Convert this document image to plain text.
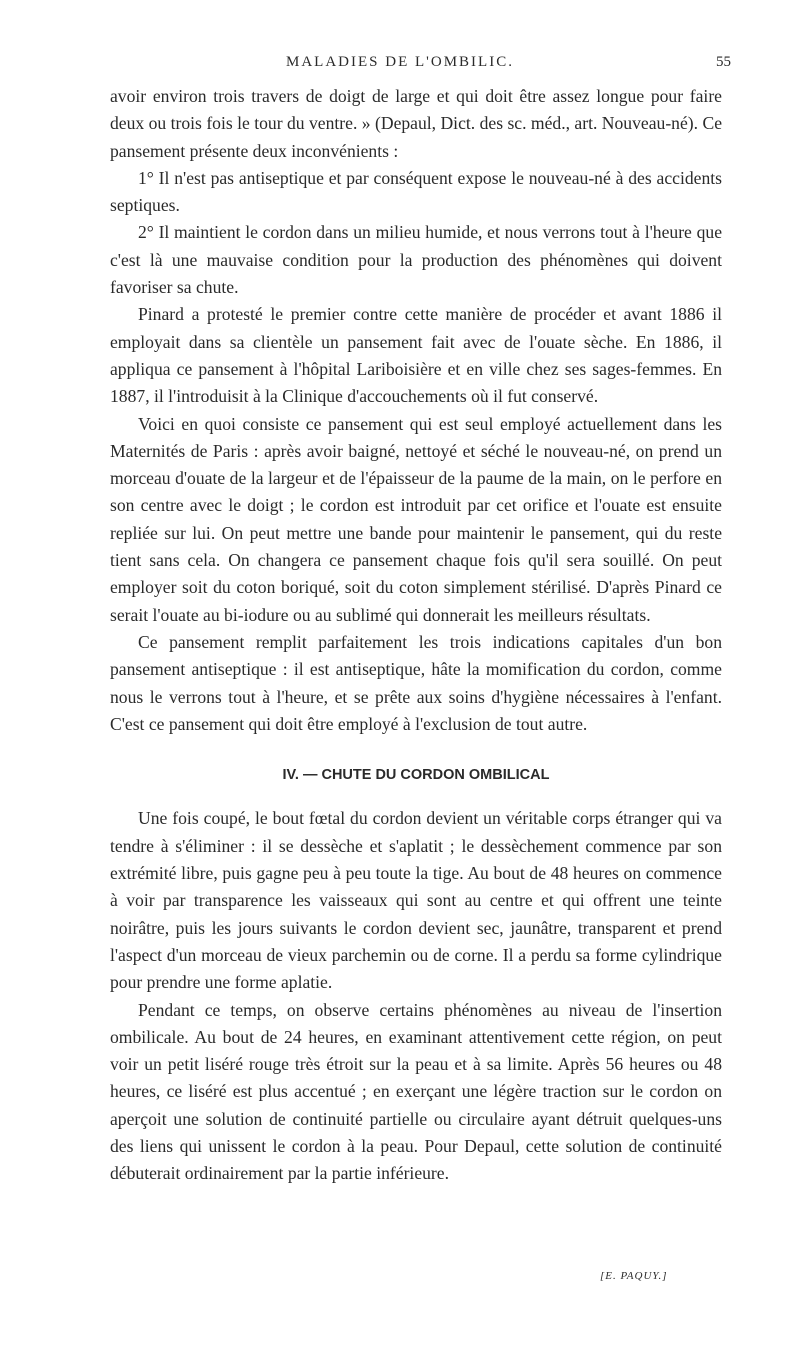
MALADIES DE L'OMBILIC.	55

avoir environ trois travers de doigt de large et qui doit être assez longue pour faire deux ou trois fois le tour du ventre. » (Depaul, Dict. des sc. méd., art. Nouveau-né). Ce pansement présente deux inconvénients :

1° Il n'est pas antiseptique et par conséquent expose le nouveau-né à des accidents septiques.

2° Il maintient le cordon dans un milieu humide, et nous verrons tout à l'heure que c'est là une mauvaise condition pour la production des phénomènes qui doivent favoriser sa chute.

Pinard a protesté le premier contre cette manière de procéder et avant 1886 il employait dans sa clientèle un pansement fait avec de l'ouate sèche. En 1886, il appliqua ce pansement à l'hôpital Lariboisière et en ville chez ses sages-femmes. En 1887, il l'introduisit à la Clinique d'accouchements où il fut conservé.

Voici en quoi consiste ce pansement qui est seul employé actuellement dans les Maternités de Paris : après avoir baigné, nettoyé et séché le nouveau-né, on prend un morceau d'ouate de la largeur et de l'épaisseur de la paume de la main, on le perfore en son centre avec le doigt ; le cordon est introduit par cet orifice et l'ouate est ensuite repliée sur lui. On peut mettre une bande pour maintenir le pansement, qui du reste tient sans cela. On changera ce pansement chaque fois qu'il sera souillé. On peut employer soit du coton boriqué, soit du coton simplement stérilisé. D'après Pinard ce serait l'ouate au bi-iodure ou au sublimé qui donnerait les meilleurs résultats.

Ce pansement remplit parfaitement les trois indications capitales d'un bon pansement antiseptique : il est antiseptique, hâte la momification du cordon, comme nous le verrons tout à l'heure, et se prête aux soins d'hygiène nécessaires à l'enfant. C'est ce pansement qui doit être employé à l'exclusion de tout autre.

IV. — CHUTE DU CORDON OMBILICAL

Une fois coupé, le bout fœtal du cordon devient un véritable corps étranger qui va tendre à s'éliminer : il se dessèche et s'aplatit ; le dessèchement commence par son extrémité libre, puis gagne peu à peu toute la tige. Au bout de 48 heures on commence à voir par transparence les vaisseaux qui sont au centre et qui offrent une teinte noirâtre, puis les jours suivants le cordon devient sec, jaunâtre, transparent et prend l'aspect d'un morceau de vieux parchemin ou de corne. Il a perdu sa forme cylindrique pour prendre une forme aplatie.

Pendant ce temps, on observe certains phénomènes au niveau de l'insertion ombilicale. Au bout de 24 heures, en examinant attentivement cette région, on peut voir un petit liséré rouge très étroit sur la peau et à sa limite. Après 56 heures ou 48 heures, ce liséré est plus accentué ; en exerçant une légère traction sur le cordon on aperçoit une solution de continuité partielle ou circulaire ayant détruit quelques-uns des liens qui unissent le cordon à la peau. Pour Depaul, cette solution de continuité débuterait ordinairement par la partie inférieure.

[E. PAQUY.]
